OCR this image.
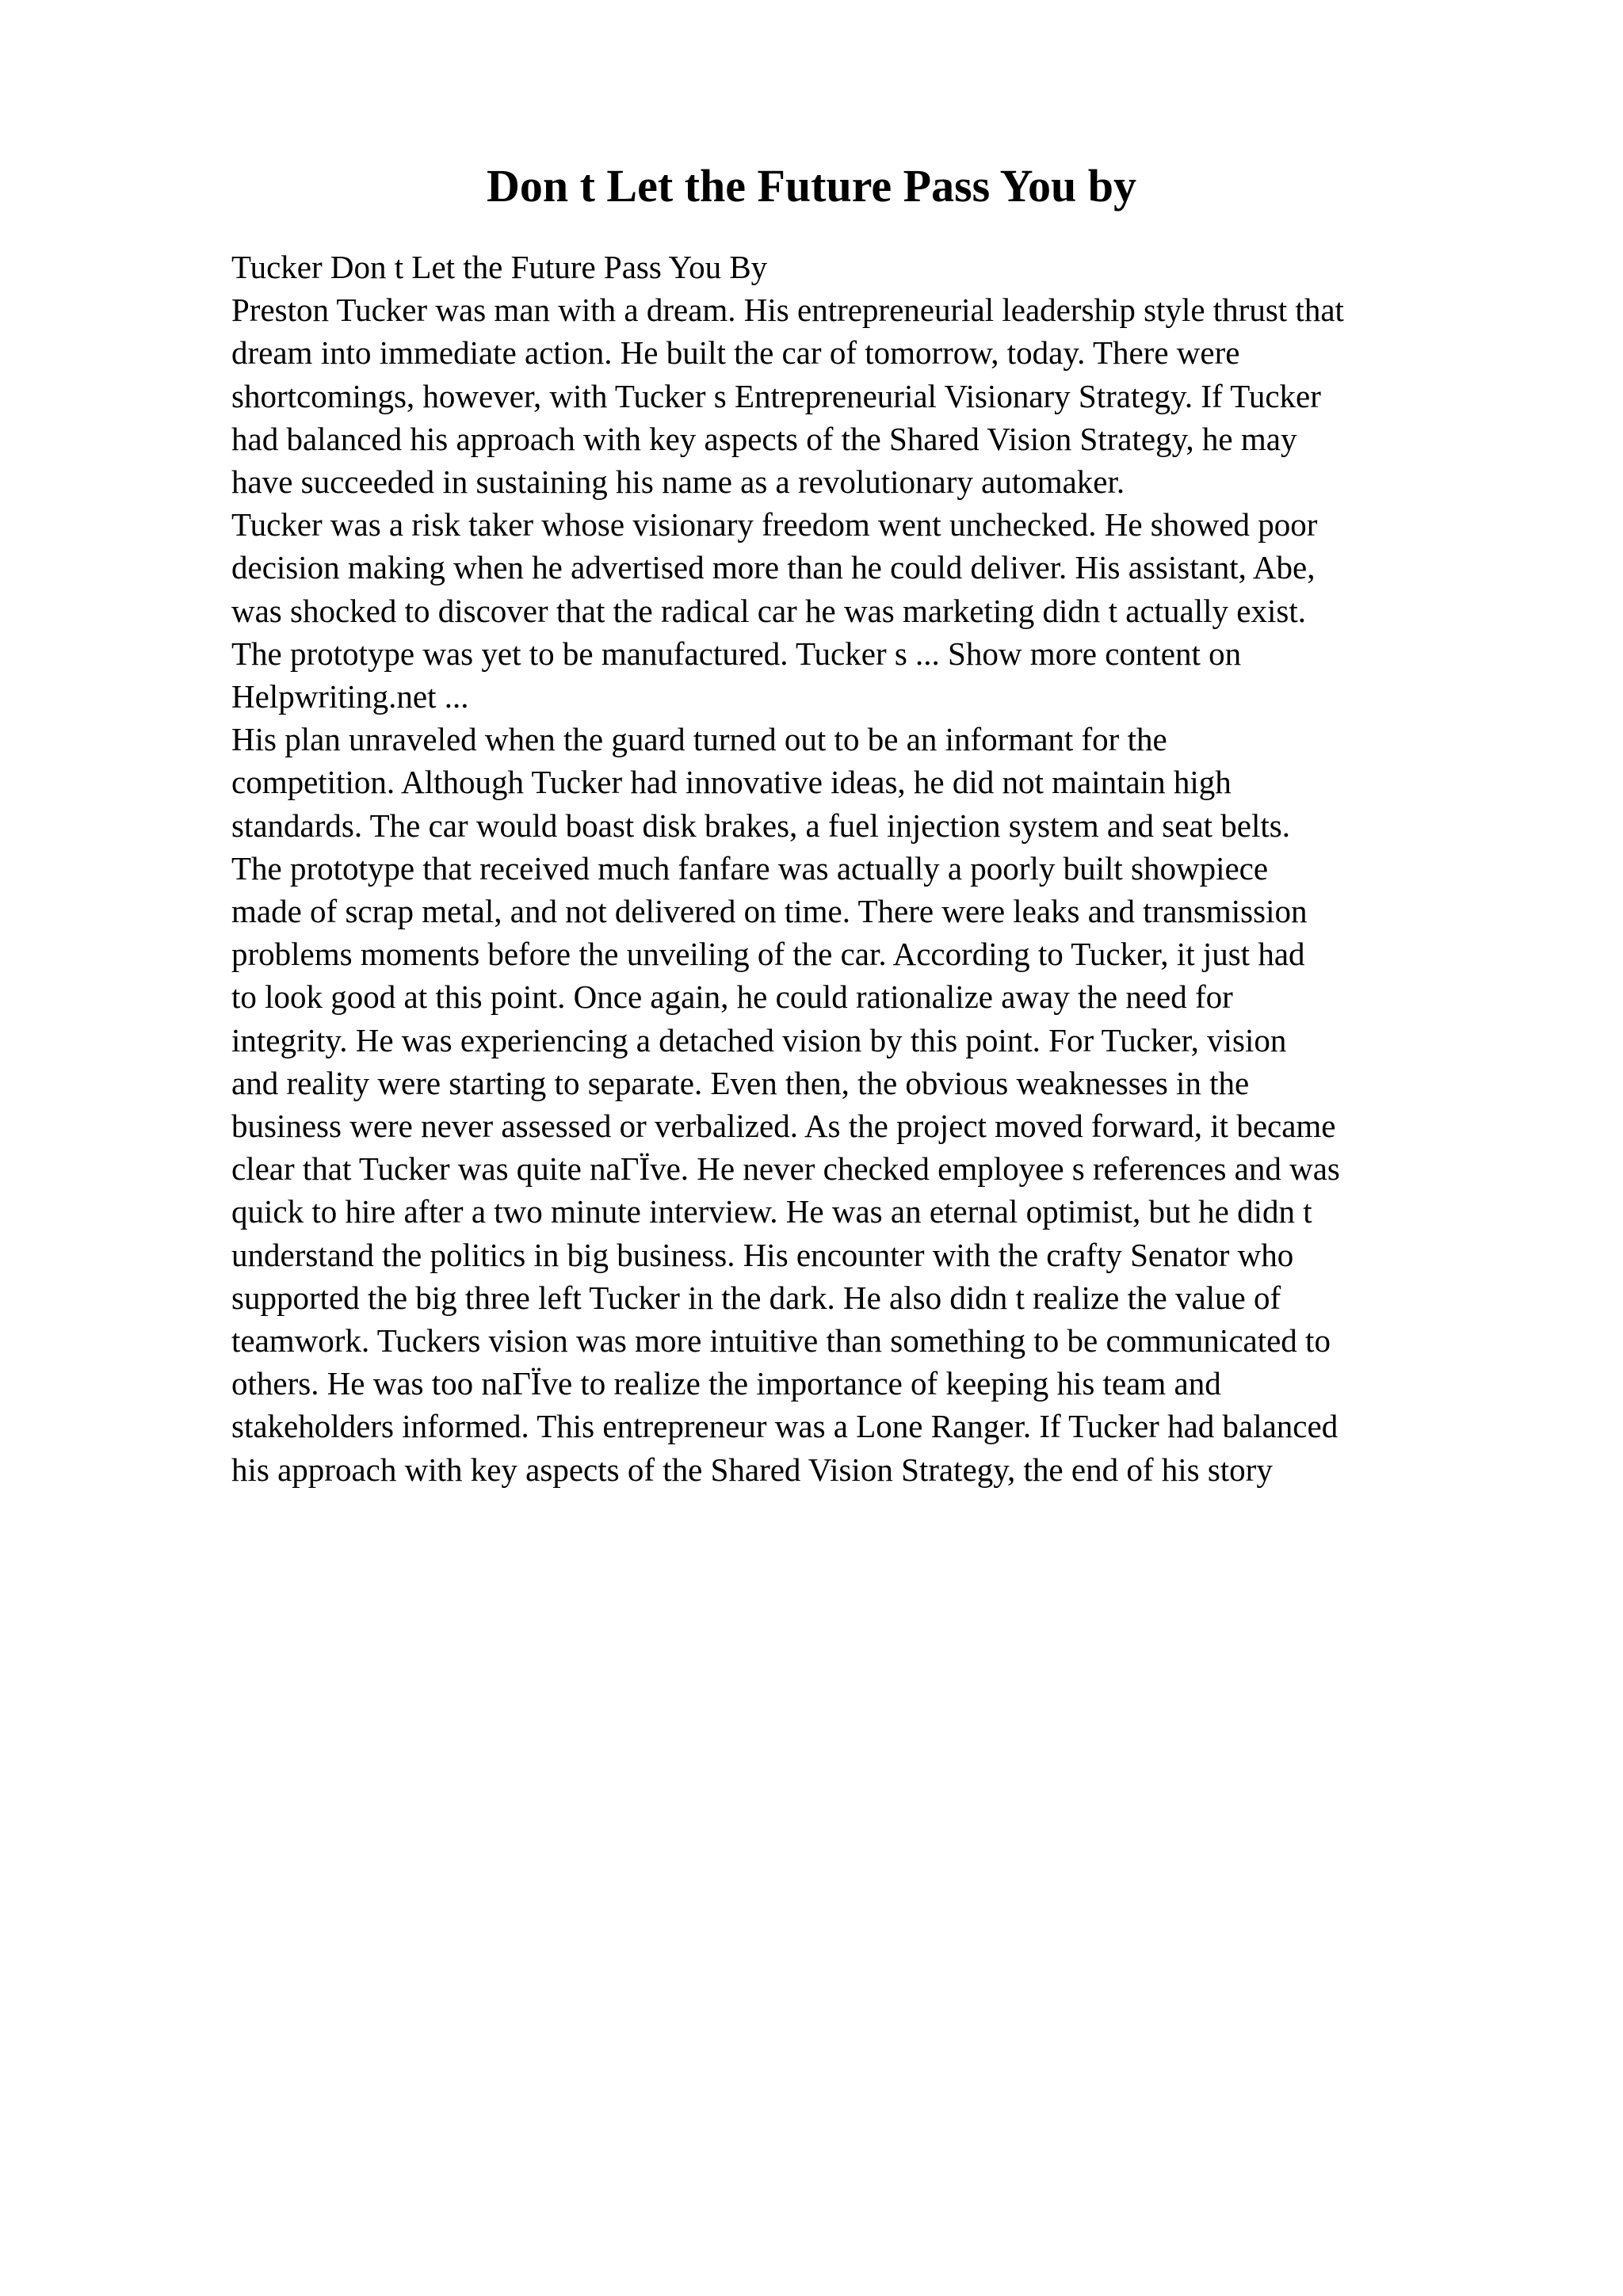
Don t Let the Future Pass You by
Tucker Don t Let the Future Pass You By
Preston Tucker was man with a dream. His entrepreneurial leadership style thrust that
dream into immediate action. He built the car of tomorrow, today. There were
shortcomings, however, with Tucker s Entrepreneurial Visionary Strategy. If Tucker
had balanced his approach with key aspects of the Shared Vision Strategy, he may
have succeeded in sustaining his name as a revolutionary automaker.
Tucker was a risk taker whose visionary freedom went unchecked. He showed poor
decision making when he advertised more than he could deliver. His assistant, Abe,
was shocked to discover that the radical car he was marketing didn t actually exist.
The prototype was yet to be manufactured. Tucker s ... Show more content on
Helpwriting.net ...
His plan unraveled when the guard turned out to be an informant for the
competition. Although Tucker had innovative ideas, he did not maintain high
standards. The car would boast disk brakes, a fuel injection system and seat belts.
The prototype that received much fanfare was actually a poorly built showpiece
made of scrap metal, and not delivered on time. There were leaks and transmission
problems moments before the unveiling of the car. According to Tucker, it just had
to look good at this point. Once again, he could rationalize away the need for
integrity. He was experiencing a detached vision by this point. For Tucker, vision
and reality were starting to separate. Even then, the obvious weaknesses in the
business were never assessed or verbalized. As the project moved forward, it became
clear that Tucker was quite naΓЇve. He never checked employee s references and was
quick to hire after a two minute interview. He was an eternal optimist, but he didn t
understand the politics in big business. His encounter with the crafty Senator who
supported the big three left Tucker in the dark. He also didn t realize the value of
teamwork. Tuckers vision was more intuitive than something to be communicated to
others. He was too naΓЇve to realize the importance of keeping his team and
stakeholders informed. This entrepreneur was a Lone Ranger. If Tucker had balanced
his approach with key aspects of the Shared Vision Strategy, the end of his story
